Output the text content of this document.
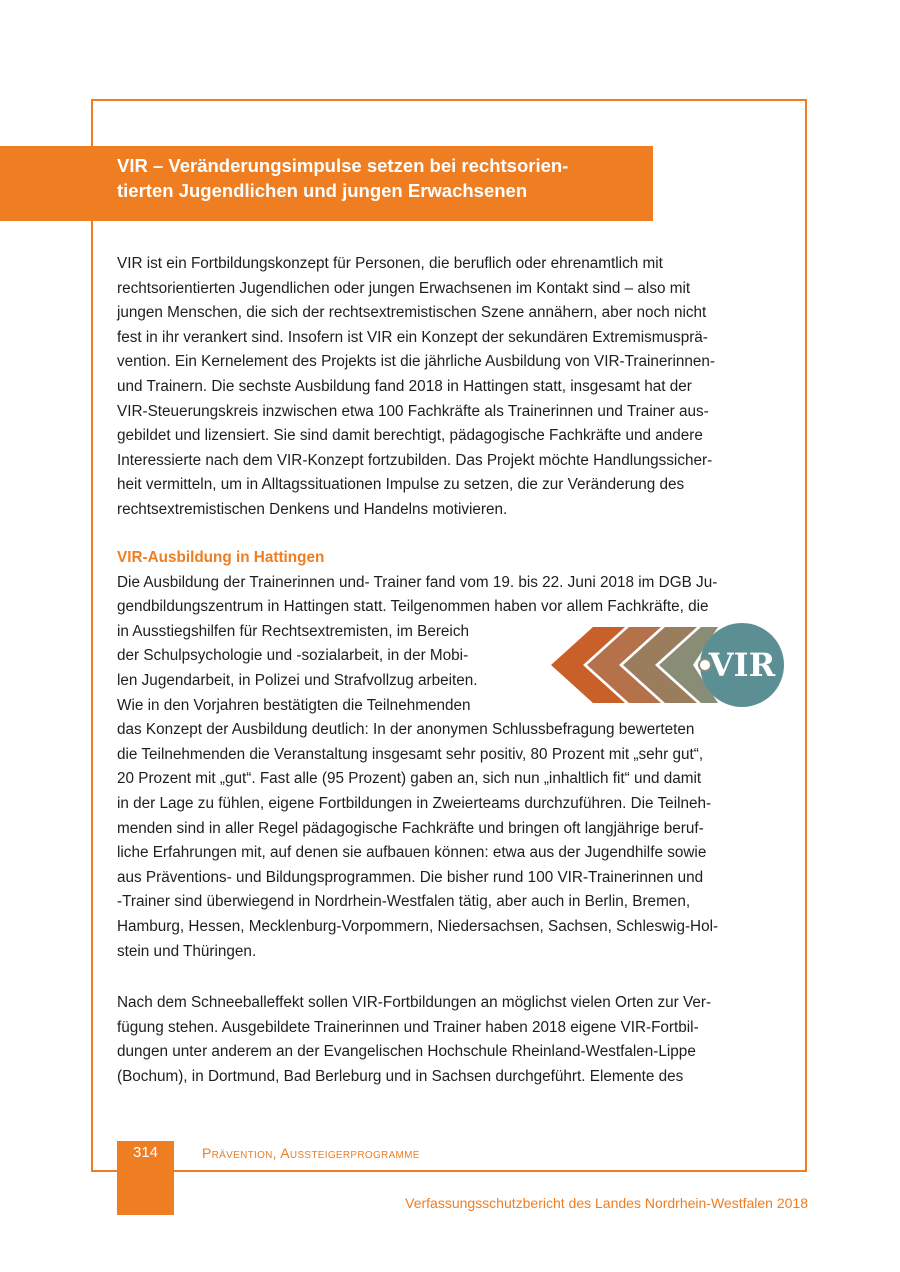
VIR – Veränderungsimpulse setzen bei rechtsorien-
tierten Jugendlichen und jungen Erwachsenen
VIR ist ein Fortbildungskonzept für Personen, die beruflich oder ehrenamtlich mit
rechtsorientierten Jugendlichen oder jungen Erwachsenen im Kontakt sind – also mit
jungen Menschen, die sich der rechtsextremistischen Szene annähern, aber noch nicht
fest in ihr verankert sind. Insofern ist VIR ein Konzept der sekundären Extremismusprä-
vention. Ein Kernelement des Projekts ist die jährliche Ausbildung von VIR-Trainerinnen-
und Trainern. Die sechste Ausbildung fand 2018 in Hattingen statt, insgesamt hat der
VIR-Steuerungskreis inzwischen etwa 100 Fachkräfte als Trainerinnen und Trainer aus-
gebildet und lizensiert. Sie sind damit berechtigt, pädagogische Fachkräfte und andere
Interessierte nach dem VIR-Konzept fortzubilden. Das Projekt möchte Handlungssicher-
heit vermitteln, um in Alltagssituationen Impulse zu setzen, die zur Veränderung des
rechtsextremistischen Denkens und Handelns motivieren.
VIR-Ausbildung in Hattingen
Die Ausbildung der Trainerinnen und- Trainer fand vom 19. bis 22. Juni 2018 im DGB Ju-
gendbildungszentrum in Hattingen statt. Teilgenommen haben vor allem Fachkräfte, die
in Ausstiegshilfen für Rechtsextremisten, im Bereich
der Schulpsychologie und -sozialarbeit, in der Mobi-
len Jugendarbeit, in Polizei und Strafvollzug arbeiten.
Wie in den Vorjahren bestätigten die Teilnehmenden
das Konzept der Ausbildung deutlich: In der anonymen Schlussbefragung bewerteten
die Teilnehmenden die Veranstaltung insgesamt sehr positiv, 80 Prozent mit „sehr gut“,
20 Prozent mit „gut“. Fast alle (95 Prozent) gaben an, sich nun „inhaltlich fit“ und damit
in der Lage zu fühlen, eigene Fortbildungen in Zweierteams durchzuführen. Die Teilneh-
menden sind in aller Regel pädagogische Fachkräfte und bringen oft langjährige beruf-
liche Erfahrungen mit, auf denen sie aufbauen können: etwa aus der Jugendhilfe sowie
aus Präventions- und Bildungsprogrammen. Die bisher rund 100 VIR-Trainerinnen und
-Trainer sind überwiegend in Nordrhein-Westfalen tätig, aber auch in Berlin, Bremen,
Hamburg, Hessen, Mecklenburg-Vorpommern, Niedersachsen, Sachsen, Schleswig-Hol-
stein und Thüringen.
VIR
Nach dem Schneeballeffekt sollen VIR-Fortbildungen an möglichst vielen Orten zur Ver-
fügung stehen. Ausgebildete Trainerinnen und Trainer haben 2018 eigene VIR-Fortbil-
dungen unter anderem an der Evangelischen Hochschule Rheinland-Westfalen-Lippe
(Bochum), in Dortmund, Bad Berleburg und in Sachsen durchgeführt. Elemente des
314	Prävention, Aussteigerprogramme
Verfassungsschutzbericht des Landes Nordrhein-Westfalen 2018
